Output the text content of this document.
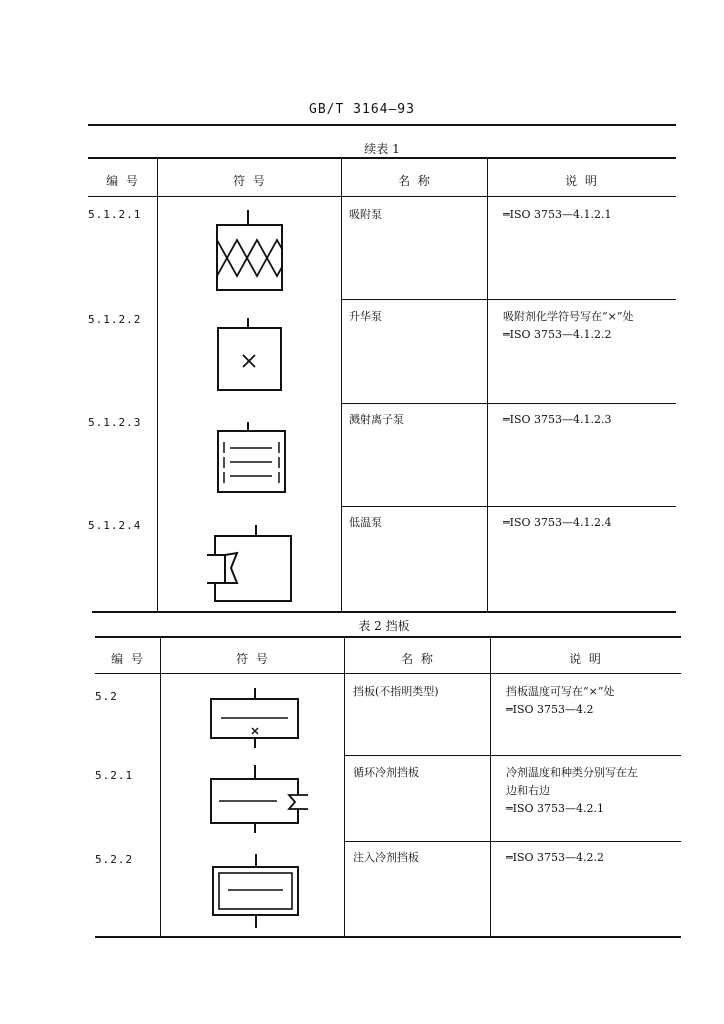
GB/T 3164—93
续表 1
编 号	符 号	名 称	说 明
5.1.2.1	吸附泵	═ISO 3753—4.1.2.1
5.1.2.2	升华泵	吸附剂化学符号写在“×”处
═ISO 3753—4.1.2.2
5.1.2.3	溅射离子泵	═ISO 3753—4.1.2.3
5.1.2.4	低温泵	═ISO 3753—4.1.2.4
表 2 挡板
编 号	符 号	名 称	说 明
5.2	挡板(不指明类型)	挡板温度可写在“×”处
═ISO 3753—4.2
5.2.1	循环冷剂挡板	冷剂温度和种类分别写在左
边和右边
═ISO 3753—4.2.1
5.2.2	注入冷剂挡板	═ISO 3753—4.2.2
